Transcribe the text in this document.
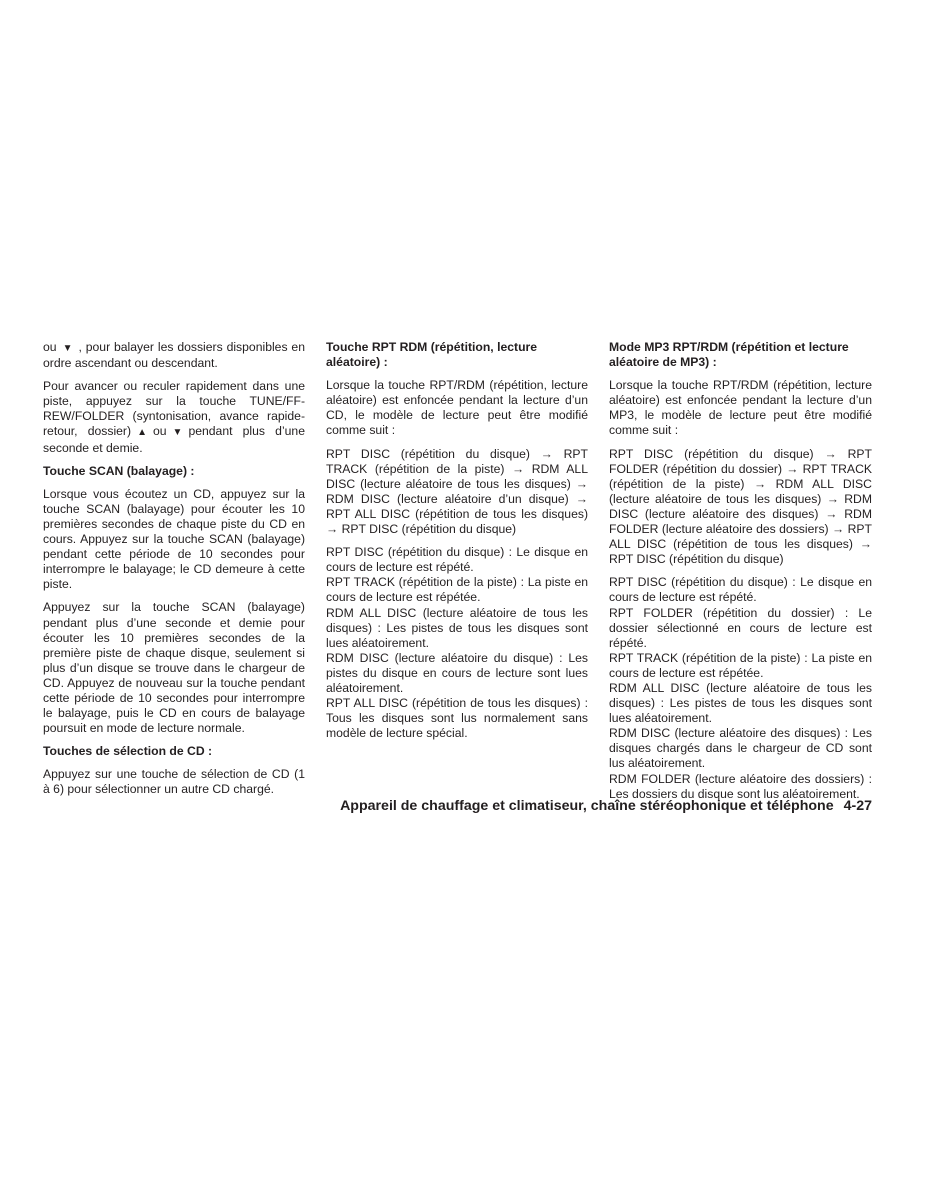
ou ▼ , pour balayer les dossiers disponibles en ordre ascendant ou descendant.

Pour avancer ou reculer rapidement dans une piste, appuyez sur la touche TUNE/FF-REW/FOLDER (syntonisation, avance rapide-retour, dossier) ▲ ou ▼ pendant plus d’une seconde et demie.

Touche SCAN (balayage) :

Lorsque vous écoutez un CD, appuyez sur la touche SCAN (balayage) pour écouter les 10 premières secondes de chaque piste du CD en cours. Appuyez sur la touche SCAN (balayage) pendant cette période de 10 secondes pour interrompre le balayage; le CD demeure à cette piste.

Appuyez sur la touche SCAN (balayage) pendant plus d’une seconde et demie pour écouter les 10 premières secondes de la première piste de chaque disque, seulement si plus d’un disque se trouve dans le chargeur de CD. Appuyez de nouveau sur la touche pendant cette période de 10 secondes pour interrompre le balayage, puis le CD en cours de balayage poursuit en mode de lecture normale.

Touches de sélection de CD :

Appuyez sur une touche de sélection de CD (1 à 6) pour sélectionner un autre CD chargé.

Touche RPT RDM (répétition, lecture aléatoire) :

Lorsque la touche RPT/RDM (répétition, lecture aléatoire) est enfoncée pendant la lecture d’un CD, le modèle de lecture peut être modifié comme suit :

RPT DISC (répétition du disque) → RPT TRACK (répétition de la piste) → RDM ALL DISC (lecture aléatoire de tous les disques) → RDM DISC (lecture aléatoire d’un disque) → RPT ALL DISC (répétition de tous les disques) → RPT DISC (répétition du disque)

RPT DISC (répétition du disque) : Le disque en cours de lecture est répété.

RPT TRACK (répétition de la piste) : La piste en cours de lecture est répétée.

RDM ALL DISC (lecture aléatoire de tous les disques) : Les pistes de tous les disques sont lues aléatoirement.

RDM DISC (lecture aléatoire du disque) : Les pistes du disque en cours de lecture sont lues aléatoirement.

RPT ALL DISC (répétition de tous les disques) : Tous les disques sont lus normalement sans modèle de lecture spécial.

Mode MP3 RPT/RDM (répétition et lecture aléatoire de MP3) :

Lorsque la touche RPT/RDM (répétition, lecture aléatoire) est enfoncée pendant la lecture d’un MP3, le modèle de lecture peut être modifié comme suit :

RPT DISC (répétition du disque) → RPT FOLDER (répétition du dossier) → RPT TRACK (répétition de la piste) → RDM ALL DISC (lecture aléatoire de tous les disques) → RDM DISC (lecture aléatoire des disques) → RDM FOLDER (lecture aléatoire des dossiers) → RPT ALL DISC (répétition de tous les disques) → RPT DISC (répétition du disque)

RPT DISC (répétition du disque) : Le disque en cours de lecture est répété.

RPT FOLDER (répétition du dossier) : Le dossier sélectionné en cours de lecture est répété.

RPT TRACK (répétition de la piste) : La piste en cours de lecture est répétée.

RDM ALL DISC (lecture aléatoire de tous les disques) : Les pistes de tous les disques sont lues aléatoirement.

RDM DISC (lecture aléatoire des disques) : Les disques chargés dans le chargeur de CD sont lus aléatoirement.

RDM FOLDER (lecture aléatoire des dossiers) : Les dossiers du disque sont lus aléatoirement.

Appareil de chauffage et climatiseur, chaîne stéréophonique et téléphone 4-27
